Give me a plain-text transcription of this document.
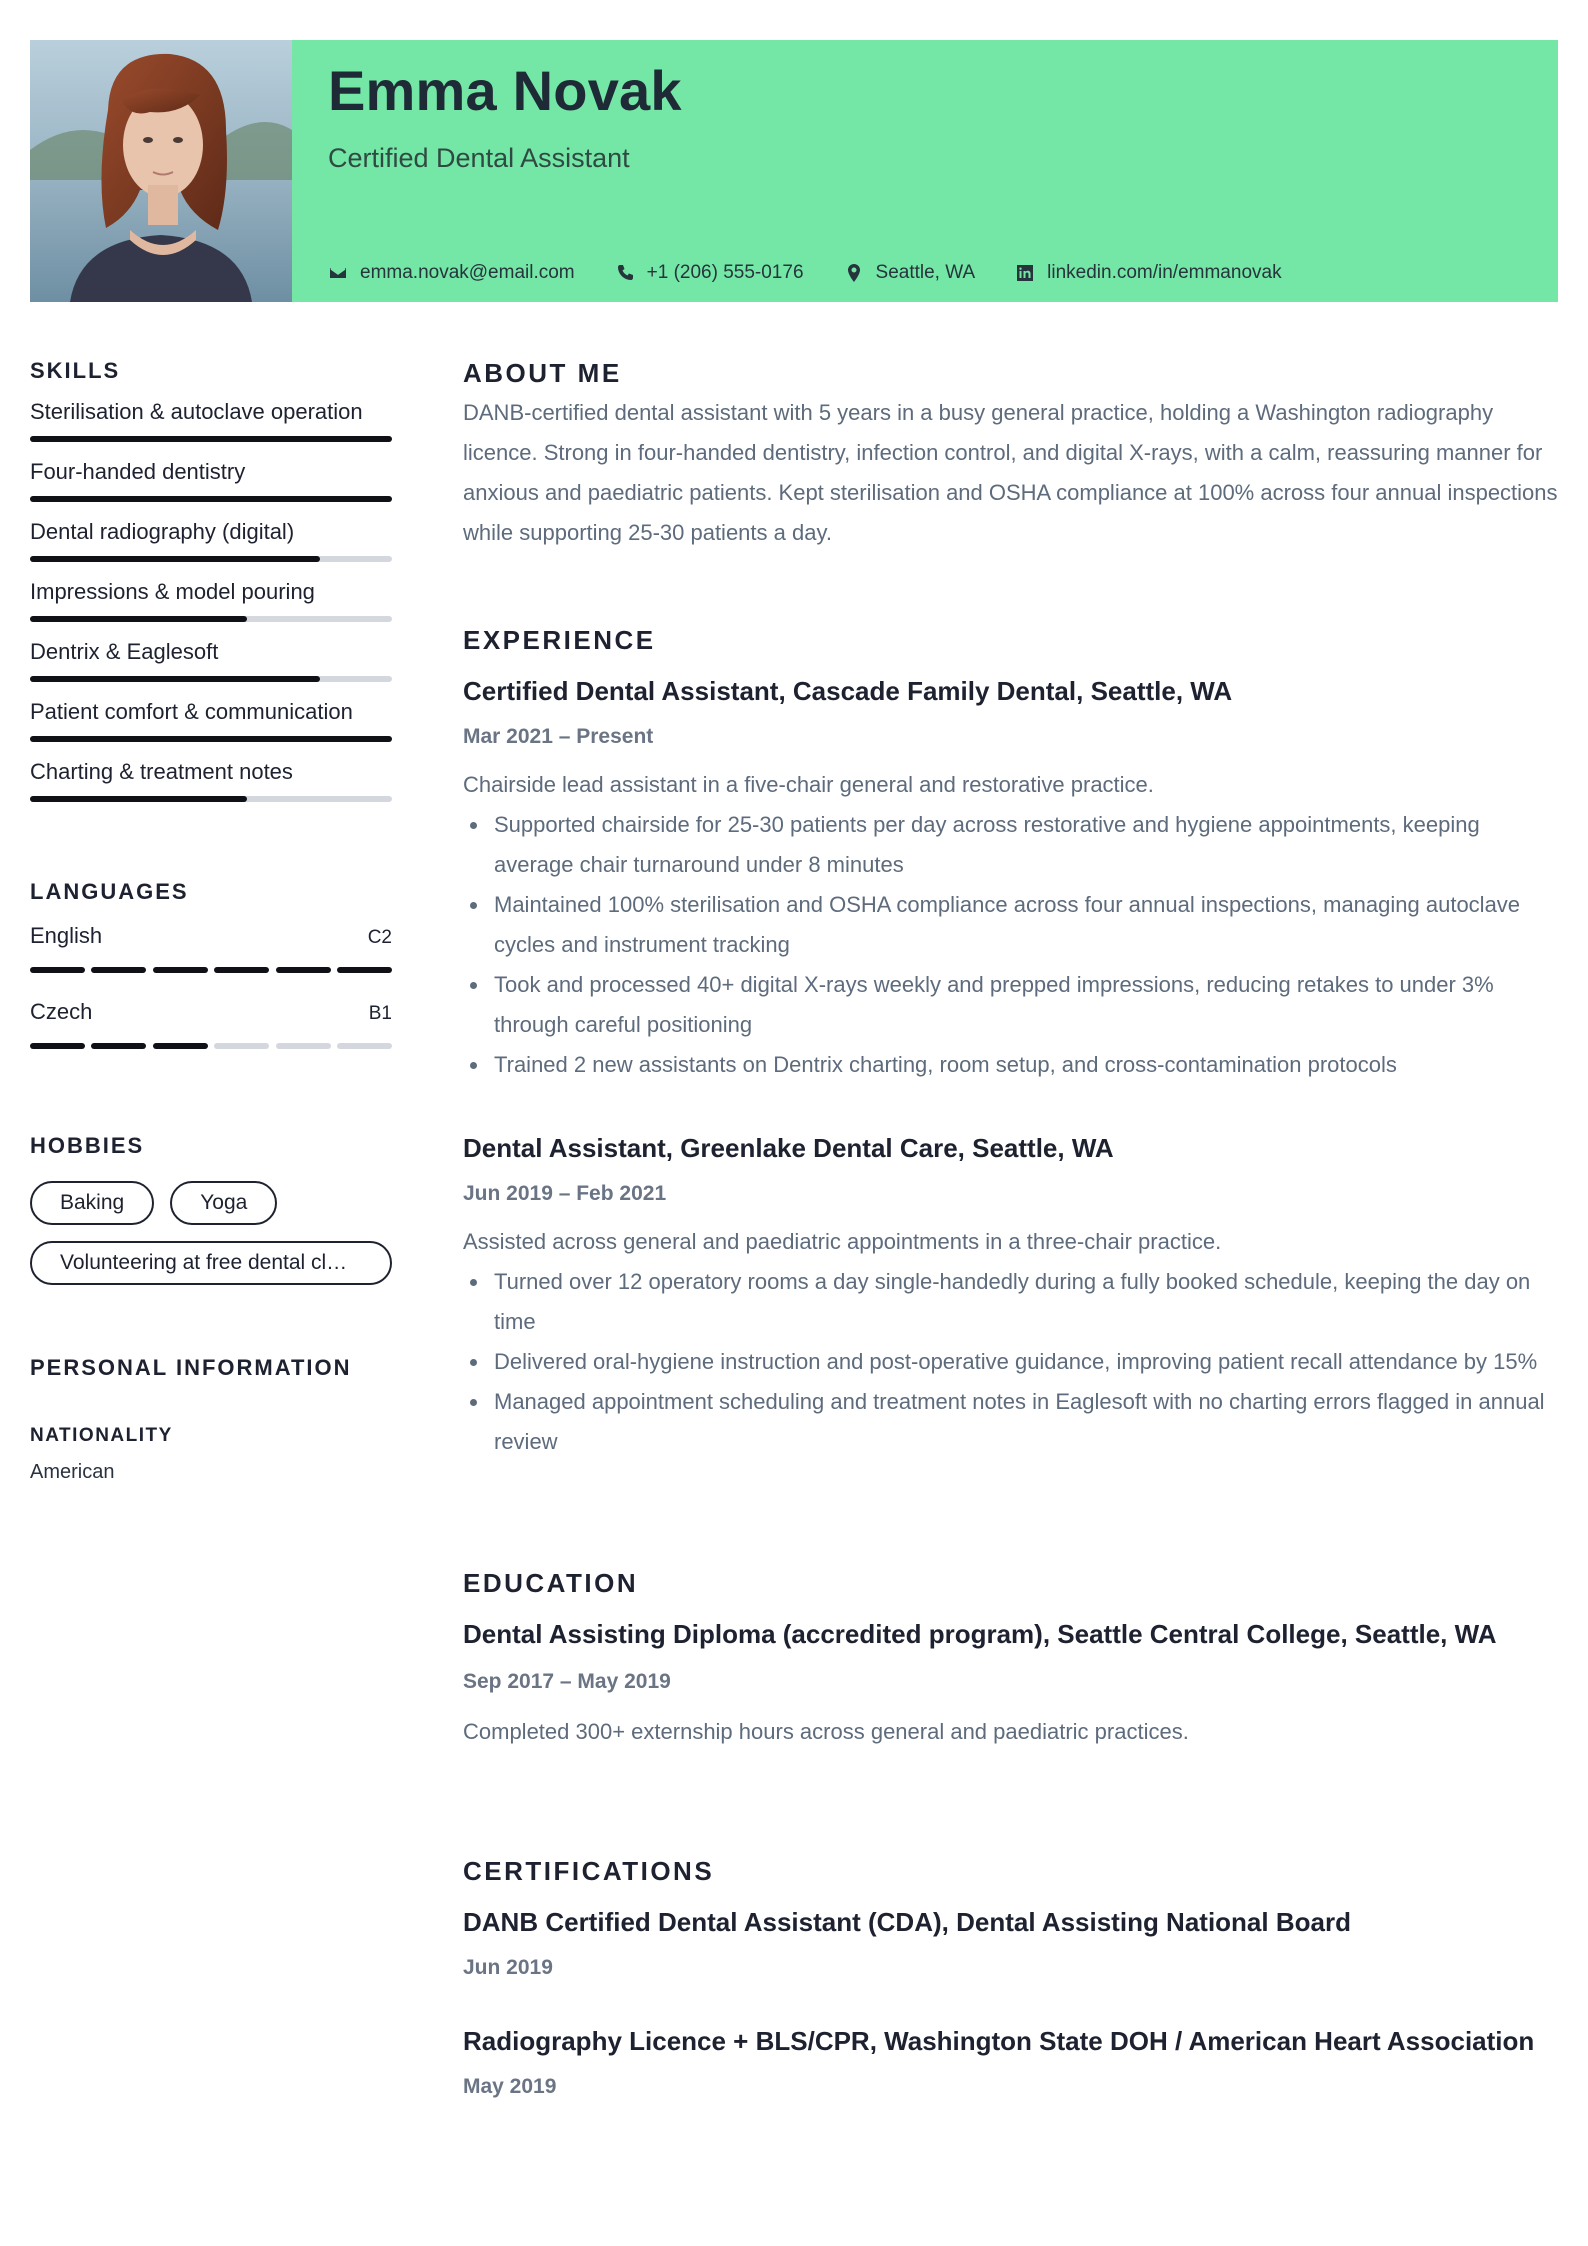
Emma Novak
Certified Dental Assistant
emma.novak@email.com	+1 (206) 555-0176	Seattle, WA	linkedin.com/in/emmanovak
SKILLS
Sterilisation & autoclave operation
Four-handed dentistry
Dental radiography (digital)
Impressions & model pouring
Dentrix & Eaglesoft
Patient comfort & communication
Charting & treatment notes
LANGUAGES
English	C2
Czech	B1
HOBBIES
Baking	Yoga
Volunteering at free dental cl…
PERSONAL INFORMATION
NATIONALITY
American
ABOUT ME
DANB-certified dental assistant with 5 years in a busy general practice, holding a Washington radiography licence. Strong in four-handed dentistry, infection control, and digital X-rays, with a calm, reassuring manner for anxious and paediatric patients. Kept sterilisation and OSHA compliance at 100% across four annual inspections while supporting 25-30 patients a day.
EXPERIENCE
Certified Dental Assistant, Cascade Family Dental, Seattle, WA
Mar 2021 – Present
Chairside lead assistant in a five-chair general and restorative practice.
Supported chairside for 25-30 patients per day across restorative and hygiene appointments, keeping average chair turnaround under 8 minutes
Maintained 100% sterilisation and OSHA compliance across four annual inspections, managing autoclave cycles and instrument tracking
Took and processed 40+ digital X-rays weekly and prepped impressions, reducing retakes to under 3% through careful positioning
Trained 2 new assistants on Dentrix charting, room setup, and cross-contamination protocols
Dental Assistant, Greenlake Dental Care, Seattle, WA
Jun 2019 – Feb 2021
Assisted across general and paediatric appointments in a three-chair practice.
Turned over 12 operatory rooms a day single-handedly during a fully booked schedule, keeping the day on time
Delivered oral-hygiene instruction and post-operative guidance, improving patient recall attendance by 15%
Managed appointment scheduling and treatment notes in Eaglesoft with no charting errors flagged in annual review
EDUCATION
Dental Assisting Diploma (accredited program), Seattle Central College, Seattle, WA
Sep 2017 – May 2019
Completed 300+ externship hours across general and paediatric practices.
CERTIFICATIONS
DANB Certified Dental Assistant (CDA), Dental Assisting National Board
Jun 2019
Radiography Licence + BLS/CPR, Washington State DOH / American Heart Association
May 2019
